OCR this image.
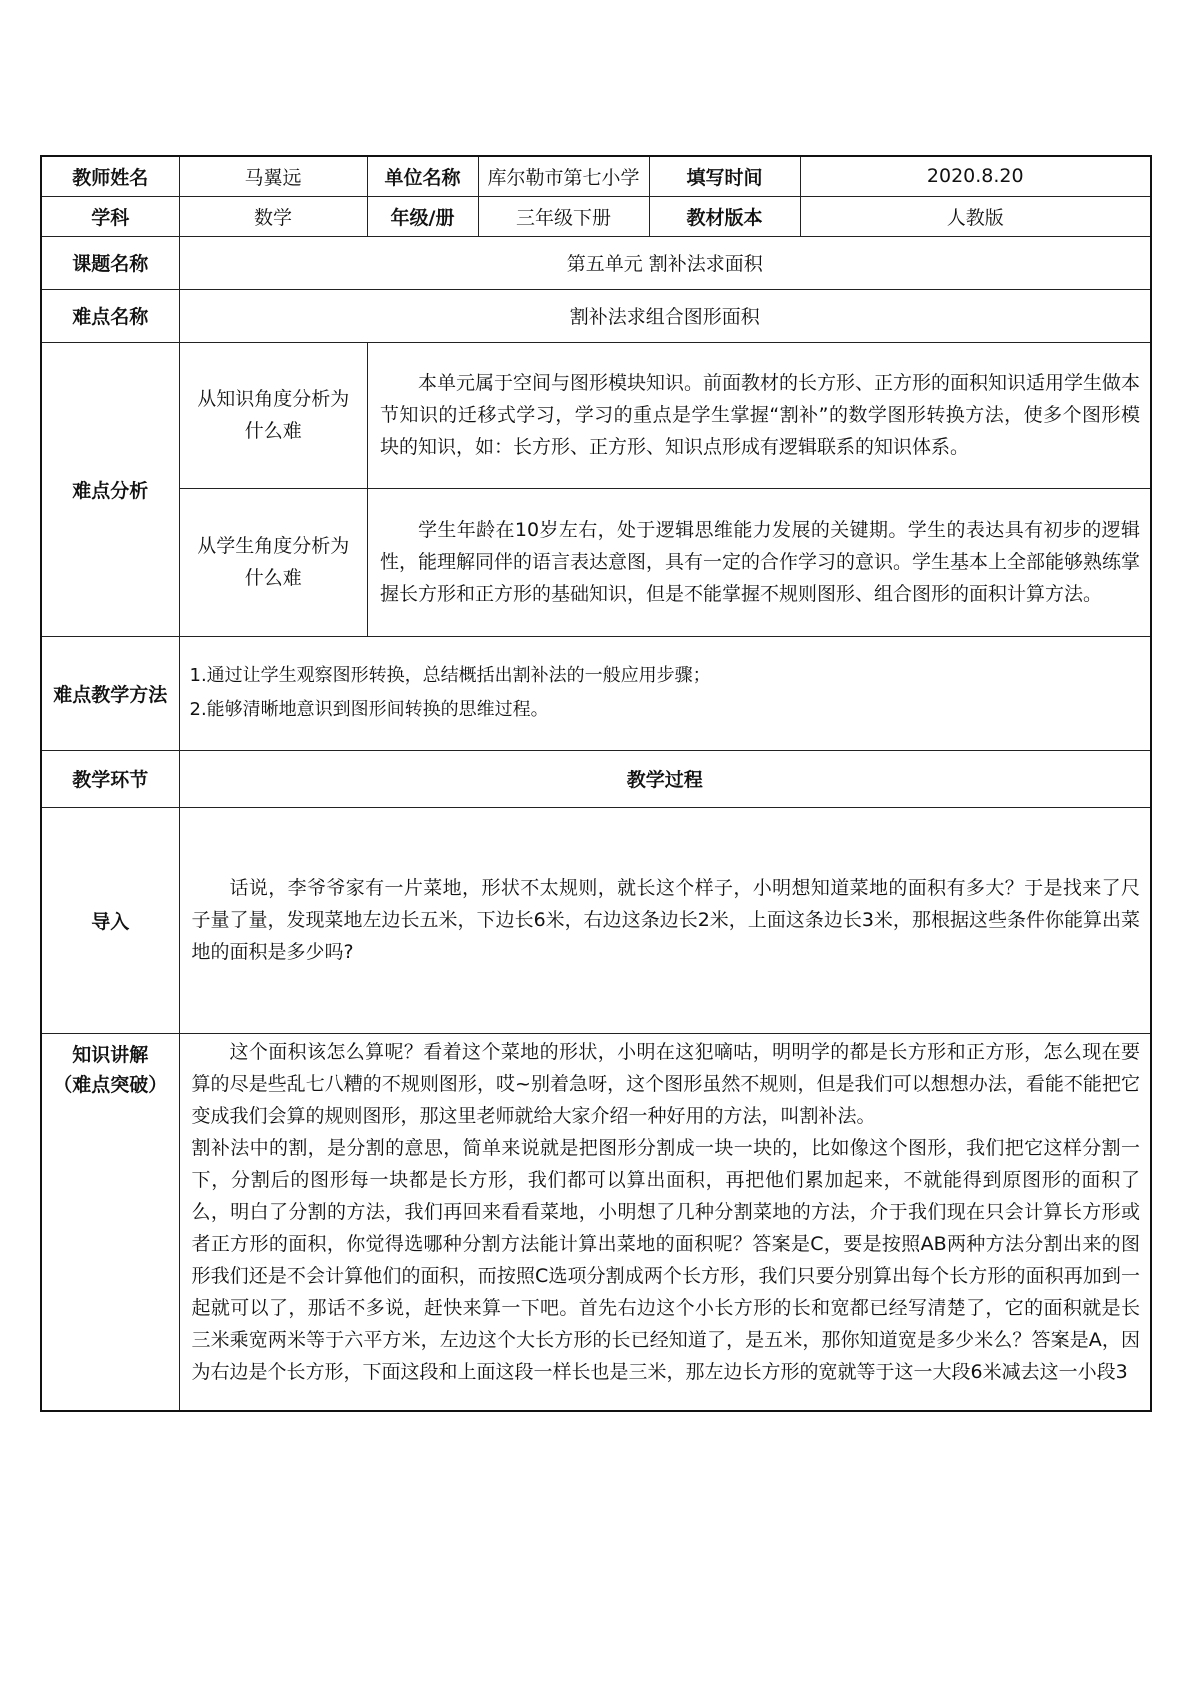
教师姓名	马翼远	单位名称	库尔勒市第七小学	填写时间	2020.8.20
学科	数学	年级/册	三年级下册	教材版本	人教版
课题名称	第五单元 割补法求面积
难点名称	割补法求组合图形面积
难点分析	
从知识角度分析为什么难	本单元属于空间与图形模块知识。前面教材的长方形、正方形的面积知识适用学生做本节知识的迁移式学习，学习的重点是学生掌握“割补”的数学图形转换方法，使多个图形模块的知识，如：长方形、正方形、知识点形成有逻辑联系的知识体系。
从学生角度分析为什么难	学生年龄在10岁左右，处于逻辑思维能力发展的关键期。学生的表达具有初步的逻辑性，能理解同伴的语言表达意图，具有一定的合作学习的意识。学生基本上全部能够熟练掌握长方形和正方形的基础知识，但是不能掌握不规则图形、组合图形的面积计算方法。

难点教学方法	
1.通过让学生观察图形转换，总结概括出割补法的一般应用步骤；
2.能够清晰地意识到图形间转换的思维过程。

教学环节	教学过程
导入	话说，李爷爷家有一片菜地，形状不太规则，就长这个样子，小明想知道菜地的面积有多大？于是找来了尺子量了量，发现菜地左边长五米，下边长6米，右边这条边长2米，上面这条边长3米，那根据这些条件你能算出菜地的面积是多少吗?

知识讲解
（难点突破）

这个面积该怎么算呢？看着这个菜地的形状，小明在这犯嘀咕，明明学的都是长方形和正方形，怎么现在要算的尽是些乱七八糟的不规则图形，哎~别着急呀，这个图形虽然不规则，但是我们可以想想办法，看能不能把它变成我们会算的规则图形，那这里老师就给大家介绍一种好用的方法，叫割补法。
割补法中的割，是分割的意思，简单来说就是把图形分割成一块一块的，比如像这个图形，我们把它这样分割一下，分割后的图形每一块都是长方形，我们都可以算出面积，再把他们累加起来，不就能得到原图形的面积了么，明白了分割的方法，我们再回来看看菜地，小明想了几种分割菜地的方法，介于我们现在只会计算长方形或者正方形的面积，你觉得选哪种分割方法能计算出菜地的面积呢？答案是C，要是按照AB两种方法分割出来的图形我们还是不会计算他们的面积，而按照C选项分割成两个长方形，我们只要分别算出每个长方形的面积再加到一起就可以了，那话不多说，赶快来算一下吧。首先右边这个小长方形的长和宽都已经写清楚了，它的面积就是长三米乘宽两米等于六平方米，左边这个大长方形的长已经知道了，是五米，那你知道宽是多少米么？答案是A，因为右边是个长方形，下面这段和上面这段一样长也是三米，那左边长方形的宽就等于这一大段6米减去这一小段3
